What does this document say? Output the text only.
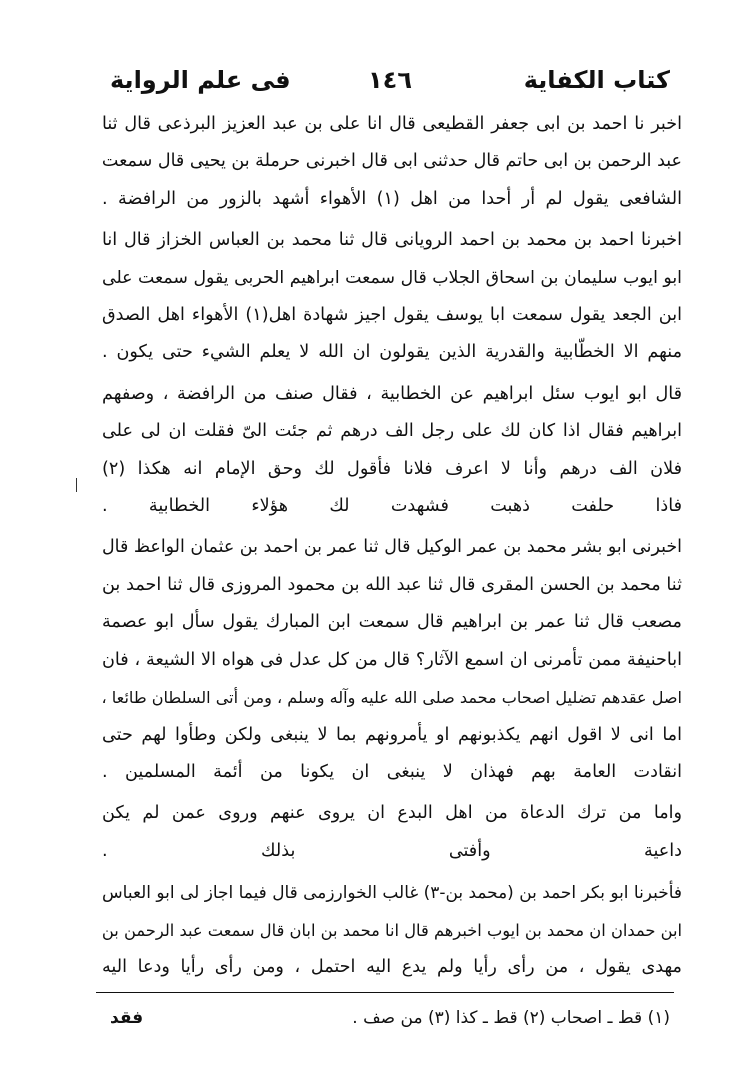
كتاب الكفاية
١٤٦
فى علم الرواية

اخبر نا احمد بن ابى جعفر القطيعى قال انا على بن عبد العزيز البرذعى قال ثنا
عبد الرحمن بن ابى حاتم قال حدثنى ابى قال اخبرنى حرملة بن يحيى قال سمعت
الشافعى يقول لم أر أحدا من اهل (١) الأهواء أشهد بالزور من الرافضة .

اخبرنا احمد بن محمد بن احمد الرويانى قال ثنا محمد بن العباس الخزاز قال انا
ابو ايوب سليمان بن اسحاق الجلاب قال سمعت ابراهيم الحربى يقول سمعت على
ابن الجعد يقول سمعت ابا يوسف يقول اجيز شهادة اهل(١) الأهواء اهل الصدق
منهم الا الخطّابية والقدرية الذين يقولون ان الله لا يعلم الشيء حتى يكون .

قال ابو ايوب سئل ابراهيم عن الخطابية ، فقال صنف من الرافضة ، وصفهم
ابراهيم فقال اذا كان لك على رجل الف درهم ثم جئت الىّ فقلت ان لى على
فلان الف درهم وأنا لا اعرف فلانا فأقول لك وحق الإمام انه هكذا (٢)
فاذا حلفت ذهبت فشهدت لك هؤلاء الخطابية .

اخبرنى ابو بشر محمد بن عمر الوكيل قال ثنا عمر بن احمد بن عثمان الواعظ قال
ثنا محمد بن الحسن المقرى قال ثنا عبد الله بن محمود المروزى قال ثنا احمد بن
مصعب قال ثنا عمر بن ابراهيم قال سمعت ابن المبارك يقول سأل ابو عصمة
اباحنيفة ممن تأمرنى ان اسمع الآثار؟ قال من كل عدل فى هواه الا الشيعة ، فان
اصل عقدهم تضليل اصحاب محمد صلى الله عليه وآله وسلم ، ومن أتى السلطان طائعا ،
اما انى لا اقول انهم يكذبونهم او يأمرونهم بما لا ينبغى ولكن وطأوا لهم حتى
انقادت العامة بهم فهذان لا ينبغى ان يكونا من أئمة المسلمين .

واما من ترك الدعاة من اهل البدع ان يروى عنهم وروى عمن لم يكن
داعية وأفتى بذلك .

فأخبرنا ابو بكر احمد بن (محمد بن-٣) غالب الخوارزمى قال فيما اجاز لى ابو العباس
ابن حمدان ان محمد بن ايوب اخبرهم قال انا محمد بن ابان قال سمعت عبد الرحمن بن
مهدى يقول ، من رأى رأيا ولم يدع اليه احتمل ، ومن رأى رأيا ودعا اليه

(١) قط ـ اصحاب (٢) قط ـ كذا (٣) من صف .
فقد
